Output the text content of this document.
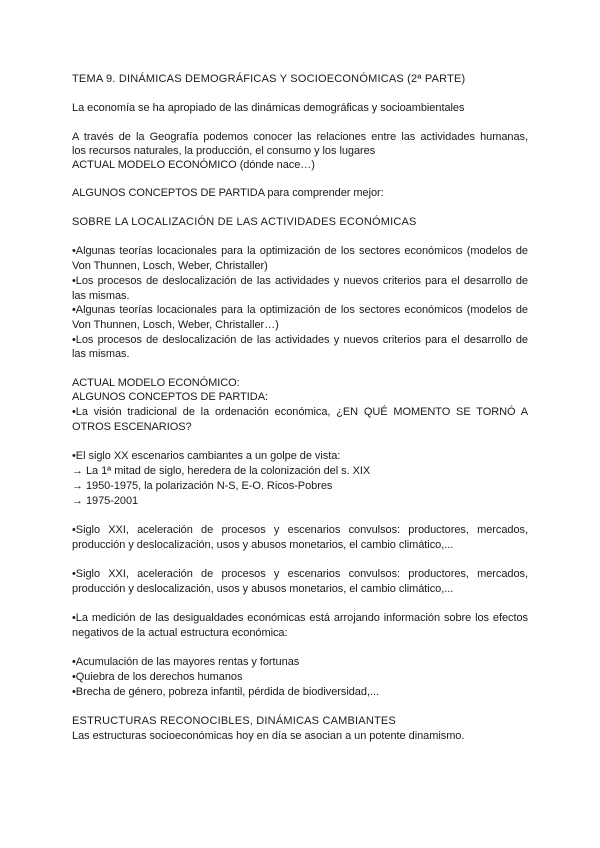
TEMA 9. DINÁMICAS DEMOGRÁFICAS Y SOCIOECONÓMICAS (2ª PARTE)
La economía se ha apropiado de las dinámicas demográficas y socioambientales
A través de la Geografía podemos conocer las relaciones entre las actividades humanas,
los recursos naturales, la producción, el consumo y los lugares
ACTUAL MODELO ECONÓMICO (dónde nace…)
ALGUNOS CONCEPTOS DE PARTIDA para comprender mejor:
SOBRE LA LOCALIZACIÓN DE LAS ACTIVIDADES ECONÓMICAS
•Algunas teorías locacionales para la optimización de los sectores económicos (modelos de
Von Thunnen, Losch, Weber, Christaller)
•Los procesos de deslocalización de las actividades y nuevos criterios para el desarrollo de
las mismas.
•Algunas teorías locacionales para la optimización de los sectores económicos (modelos de
Von Thunnen, Losch, Weber, Christaller…)
•Los procesos de deslocalización de las actividades y nuevos criterios para el desarrollo de
las mismas.
ACTUAL MODELO ECONÓMICO:
ALGUNOS CONCEPTOS DE PARTIDA:
•La visión tradicional de la ordenación económica, ¿EN QUÉ MOMENTO SE TORNÓ A
OTROS ESCENARIOS?
•El siglo XX escenarios cambiantes a un golpe de vista:
→ La 1ª mitad de siglo, heredera de la colonización del s. XIX
→ 1950-1975, la polarización N-S, E-O. Ricos-Pobres
→ 1975-2001
•Siglo XXI, aceleración de procesos y escenarios convulsos: productores, mercados,
producción y deslocalización, usos y abusos monetarios, el cambio climático,...
•Siglo XXI, aceleración de procesos y escenarios convulsos: productores, mercados,
producción y deslocalización, usos y abusos monetarios, el cambio climático,...
•La medición de las desigualdades económicas está arrojando información sobre los efectos
negativos de la actual estructura económica:
•Acumulación de las mayores rentas y fortunas
•Quiebra de los derechos humanos
•Brecha de género, pobreza infantil, pérdida de biodiversidad,...
ESTRUCTURAS RECONOCIBLES, DINÁMICAS CAMBIANTES
Las estructuras socioeconómicas hoy en día se asocian a un potente dinamismo.
